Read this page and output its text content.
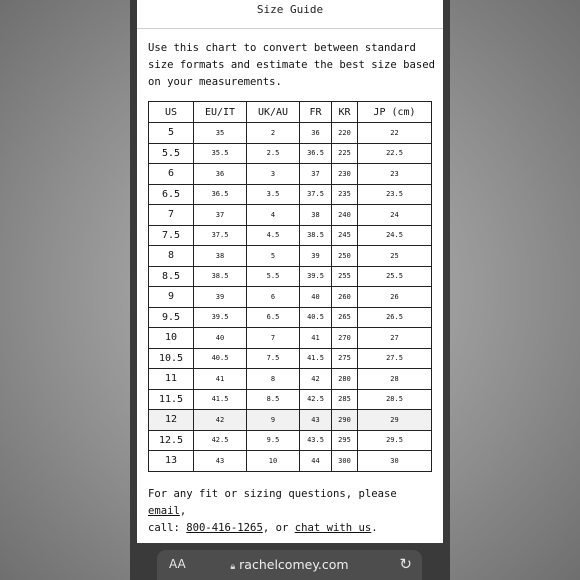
Size Guide
Use this chart to convert between standard
size formats and estimate the best size based
on your measurements.
US	EU/IT	UK/AU	FR	KR	JP (cm)
5	35	2	36	220	22
5.5	35.5	2.5	36.5	225	22.5
6	36	3	37	230	23
6.5	36.5	3.5	37.5	235	23.5
7	37	4	38	240	24
7.5	37.5	4.5	38.5	245	24.5
8	38	5	39	250	25
8.5	38.5	5.5	39.5	255	25.5
9	39	6	40	260	26
9.5	39.5	6.5	40.5	265	26.5
10	40	7	41	270	27
10.5	40.5	7.5	41.5	275	27.5
11	41	8	42	280	28
11.5	41.5	8.5	42.5	285	28.5
12	42	9	43	290	29
12.5	42.5	9.5	43.5	295	29.5
13	43	10	44	300	30
For any fit or sizing questions, please email,
call: 800-416-1265, or chat with us.
AA	🔒︎ rachelcomey.com	↻
